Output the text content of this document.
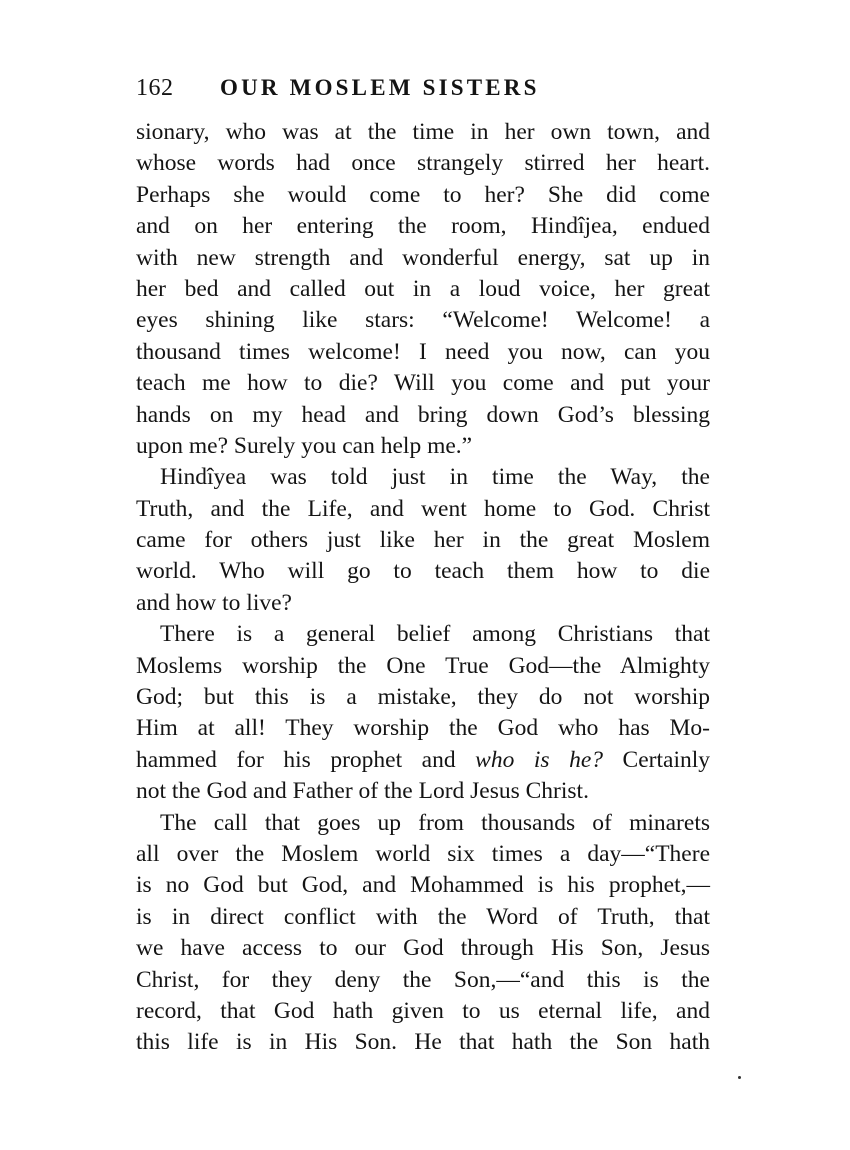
162 OUR MOSLEM SISTERS
sionary, who was at the time in her own town, and
whose words had once strangely stirred her heart.
Perhaps she would come to her? She did come
and on her entering the room, Hindîjea, endued
with new strength and wonderful energy, sat up in
her bed and called out in a loud voice, her great
eyes shining like stars: “Welcome! Welcome! a
thousand times welcome! I need you now, can you
teach me how to die? Will you come and put your
hands on my head and bring down God’s blessing
upon me? Surely you can help me.”
Hindîyea was told just in time the Way, the
Truth, and the Life, and went home to God. Christ
came for others just like her in the great Moslem
world. Who will go to teach them how to die
and how to live?
There is a general belief among Christians that
Moslems worship the One True God—the Almighty
God; but this is a mistake, they do not worship
Him at all! They worship the God who has Mo-
hammed for his prophet and who is he? Certainly
not the God and Father of the Lord Jesus Christ.
The call that goes up from thousands of minarets
all over the Moslem world six times a day—“There
is no God but God, and Mohammed is his prophet,—
is in direct conflict with the Word of Truth, that
we have access to our God through His Son, Jesus
Christ, for they deny the Son,—“and this is the
record, that God hath given to us eternal life, and
this life is in His Son. He that hath the Son hath
